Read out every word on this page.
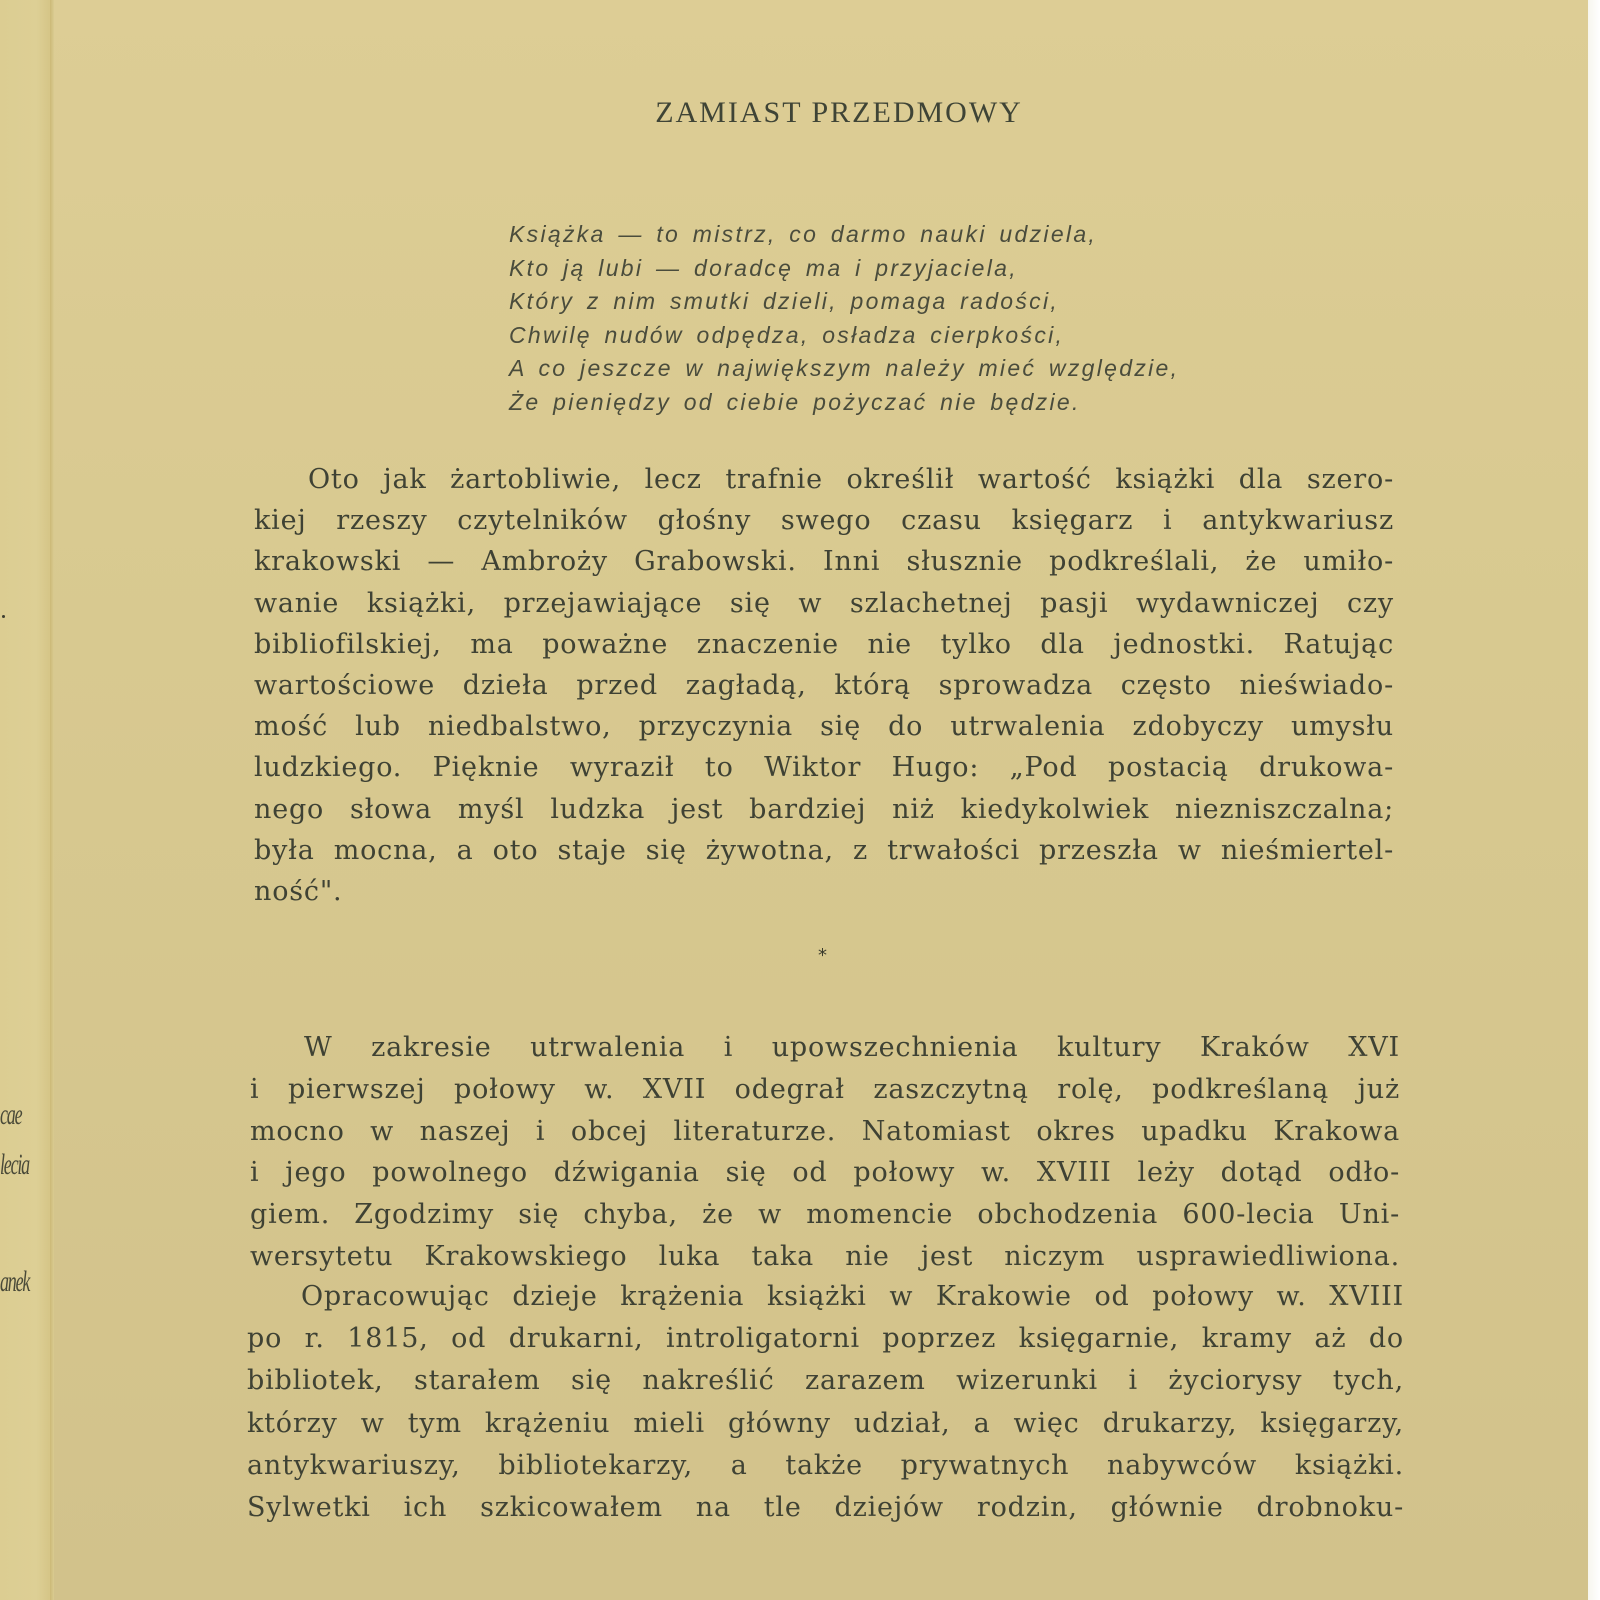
cae
lecia
anek
ZAMIAST PRZEDMOWY
Książka — to mistrz, co darmo nauki udziela,
Kto ją lubi — doradcę ma i przyjaciela,
Który z nim smutki dzieli, pomaga radości,
Chwilę nudów odpędza, osładza cierpkości,
A co jeszcze w największym należy mieć względzie,
Że pieniędzy od ciebie pożyczać nie będzie.
Oto jak żartobliwie, lecz trafnie określił wartość książki dla szero-
kiej rzeszy czytelników głośny swego czasu księgarz i antykwariusz
krakowski — Ambroży Grabowski. Inni słusznie podkreślali, że umiło-
wanie książki, przejawiające się w szlachetnej pasji wydawniczej czy
bibliofilskiej, ma poważne znaczenie nie tylko dla jednostki. Ratując
wartościowe dzieła przed zagładą, którą sprowadza często nieświado-
mość lub niedbalstwo, przyczynia się do utrwalenia zdobyczy umysłu
ludzkiego. Pięknie wyraził to Wiktor Hugo: „Pod postacią drukowa-
nego słowa myśl ludzka jest bardziej niż kiedykolwiek niezniszczalna;
była mocna, a oto staje się żywotna, z trwałości przeszła w nieśmiertel-
ność".
*
W zakresie utrwalenia i upowszechnienia kultury Kraków XVI
i pierwszej połowy w. XVII odegrał zaszczytną rolę, podkreślaną już
mocno w naszej i obcej literaturze. Natomiast okres upadku Krakowa
i jego powolnego dźwigania się od połowy w. XVIII leży dotąd odło-
giem. Zgodzimy się chyba, że w momencie obchodzenia 600-lecia Uni-
wersytetu Krakowskiego luka taka nie jest niczym usprawiedliwiona.
Opracowując dzieje krążenia książki w Krakowie od połowy w. XVIII
po r. 1815, od drukarni, introligatorni poprzez księgarnie, kramy aż do
bibliotek, starałem się nakreślić zarazem wizerunki i życiorysy tych,
którzy w tym krążeniu mieli główny udział, a więc drukarzy, księgarzy,
antykwariuszy, bibliotekarzy, a także prywatnych nabywców książki.
Sylwetki ich szkicowałem na tle dziejów rodzin, głównie drobnoku-
